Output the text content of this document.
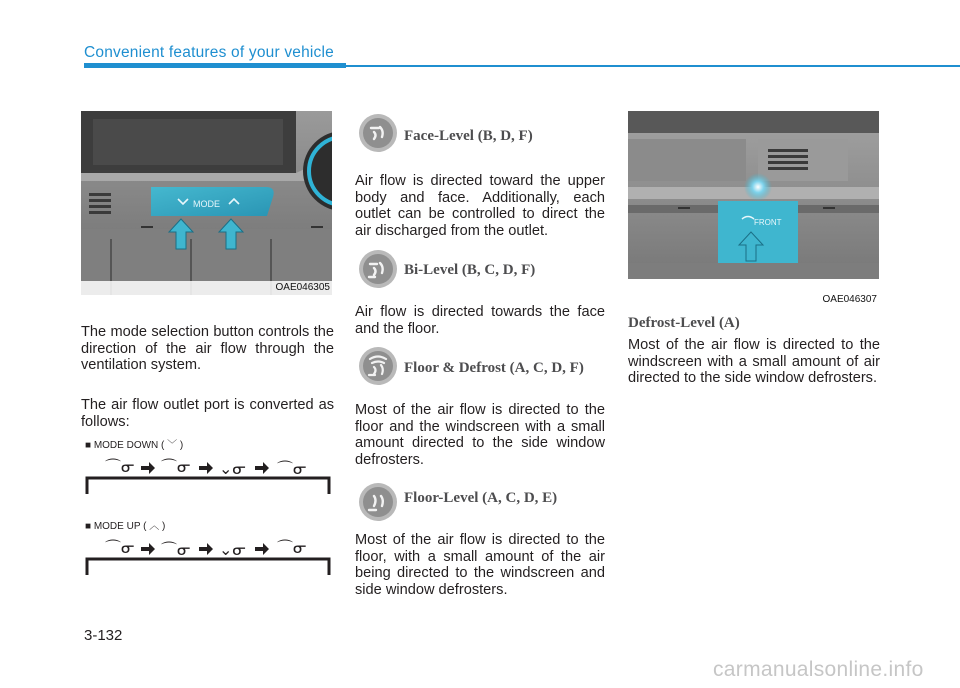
Convenient features of your vehicle
MODE
OAE046305
The mode selection button controls the direction of the air flow through the ventilation system.
The air flow outlet port is converted as follows:
■ MODE DOWN ( ﹀ )
⌒ᓂ ⌒ᓂ ⌄ᓂ ⌒ᓂ
■ MODE UP ( ︿ )
⌒ᓂ ⌒ᓂ ⌄ᓂ ⌒ᓂ
Face-Level (B, D, F)
Air flow is directed toward the upper body and face. Additionally, each outlet can be controlled to direct the air discharged from the outlet.
Bi-Level (B, C, D, F)
Air flow is directed towards the face and the floor.
Floor & Defrost (A, C, D, F)
Most of the air flow is directed to the floor and the windscreen with a small amount directed to the side window defrosters.
Floor-Level (A, C, D, E)
Most of the air flow is directed to the floor, with a small amount of the air being directed to the windscreen and side window defrosters.
FRONT
OAE046307
Defrost-Level (A)
Most of the air flow is directed to the windscreen with a small amount of air directed to the side window defrosters.
3-132
carmanualsonline.info
